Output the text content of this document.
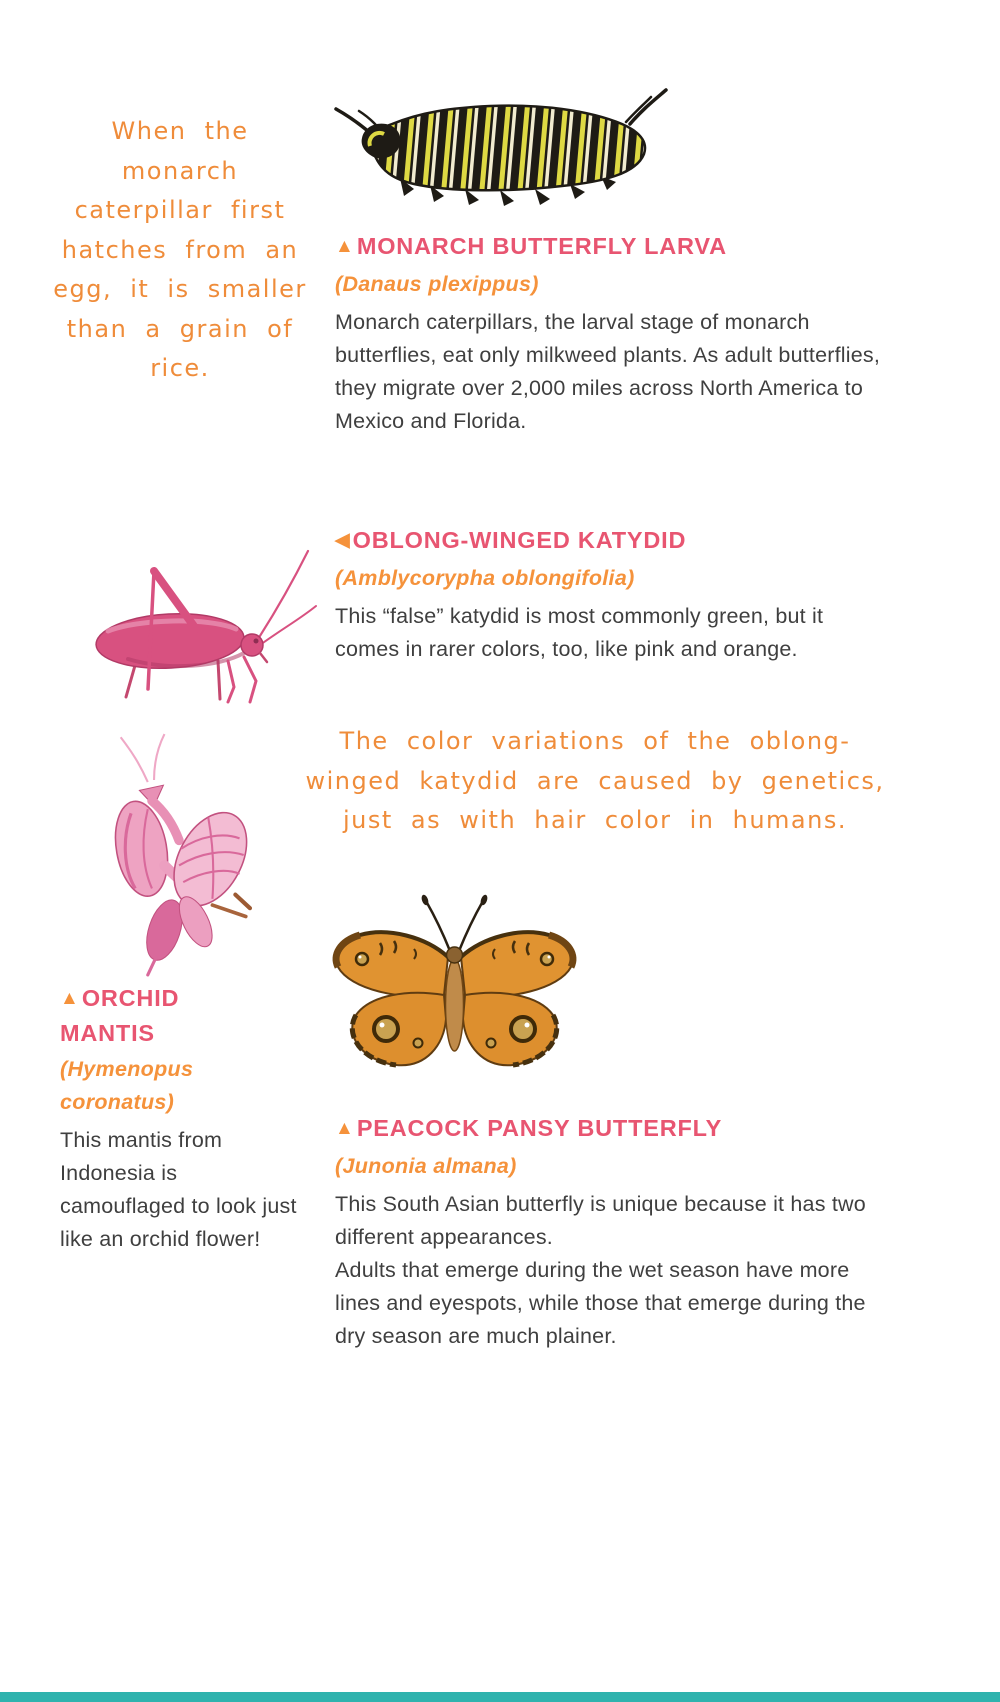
When the monarch
caterpillar first
hatches from an
egg, it is smaller
than a grain of
rice.
▲ MONARCH BUTTERFLY LARVA

(Danaus plexippus)

Monarch caterpillars, the larval stage of monarch butterflies, eat only milkweed plants. As adult butterflies, they migrate over 2,000 miles across North America to Mexico and Florida.

◀ OBLONG-WINGED KATYDID

(Amblycorypha oblongifolia)

This “false” katydid is most commonly green, but it comes in rarer colors, too, like pink and orange.

The color variations of the oblong-
winged katydid are caused by genetics,
just as with hair color in humans.
▲ ORCHID MANTIS

(Hymenopus coronatus)

This mantis from Indonesia is camouflaged to look just like an orchid flower!

▲ PEACOCK PANSY BUTTERFLY

(Junonia almana)

This South Asian butterfly is unique because it has two different appearances.

Adults that emerge during the wet season have more lines and eyespots, while those that emerge during the dry season are much plainer.
